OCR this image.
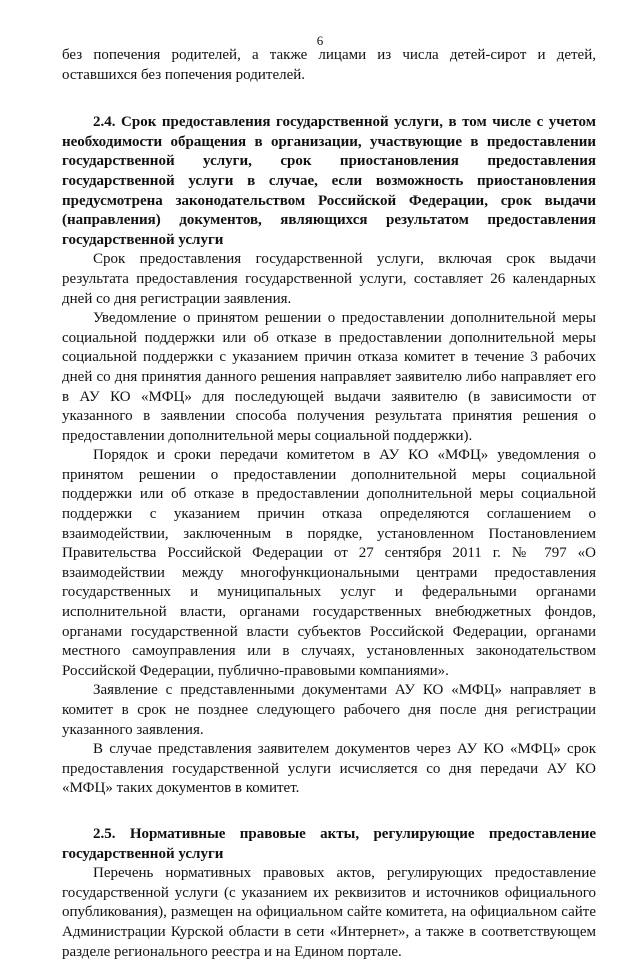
6

без попечения родителей, а также лицами из числа детей-сирот и детей, оставшихся без попечения родителей.

2.4. Срок предоставления государственной услуги, в том числе с учетом необходимости обращения в организации, участвующие в предоставлении государственной услуги, срок приостановления предоставления государственной услуги в случае, если возможность приостановления предусмотрена законодательством Российской Федерации, срок выдачи (направления) документов, являющихся результатом предоставления государственной услуги

Срок предоставления государственной услуги, включая срок выдачи результата предоставления государственной услуги, составляет 26 календарных дней со дня регистрации заявления.

Уведомление о принятом решении о предоставлении дополнительной меры социальной поддержки или об отказе в предоставлении дополнительной меры социальной поддержки с указанием причин отказа комитет в течение 3 рабочих дней со дня принятия данного решения направляет заявителю либо направляет его в АУ КО «МФЦ» для последующей выдачи заявителю (в зависимости от указанного в заявлении способа получения результата принятия решения о предоставлении дополнительной меры социальной поддержки).

Порядок и сроки передачи комитетом в АУ КО «МФЦ» уведомления о принятом решении о предоставлении дополнительной меры социальной поддержки или об отказе в предоставлении дополнительной меры социальной поддержки с указанием причин отказа определяются соглашением о взаимодействии, заключенным в порядке, установленном Постановлением Правительства Российской Федерации от 27 сентября 2011 г. № 797 «О взаимодействии между многофункциональными центрами предоставления государственных и муниципальных услуг и федеральными органами исполнительной власти, органами государственных внебюджетных фондов, органами государственной власти субъектов Российской Федерации, органами местного самоуправления или в случаях, установленных законодательством Российской Федерации, публично-правовыми компаниями».

Заявление с представленными документами АУ КО «МФЦ» направляет в комитет в срок не позднее следующего рабочего дня после дня регистрации указанного заявления.

В случае представления заявителем документов через АУ КО «МФЦ» срок предоставления государственной услуги исчисляется со дня передачи АУ КО «МФЦ» таких документов в комитет.

2.5. Нормативные правовые акты, регулирующие предоставление государственной услуги

Перечень нормативных правовых актов, регулирующих предоставление государственной услуги (с указанием их реквизитов и источников официального опубликования), размещен на официальном сайте комитета, на официальном сайте Администрации Курской области в сети «Интернет», а также в соответствующем разделе регионального реестра и на Едином портале.
